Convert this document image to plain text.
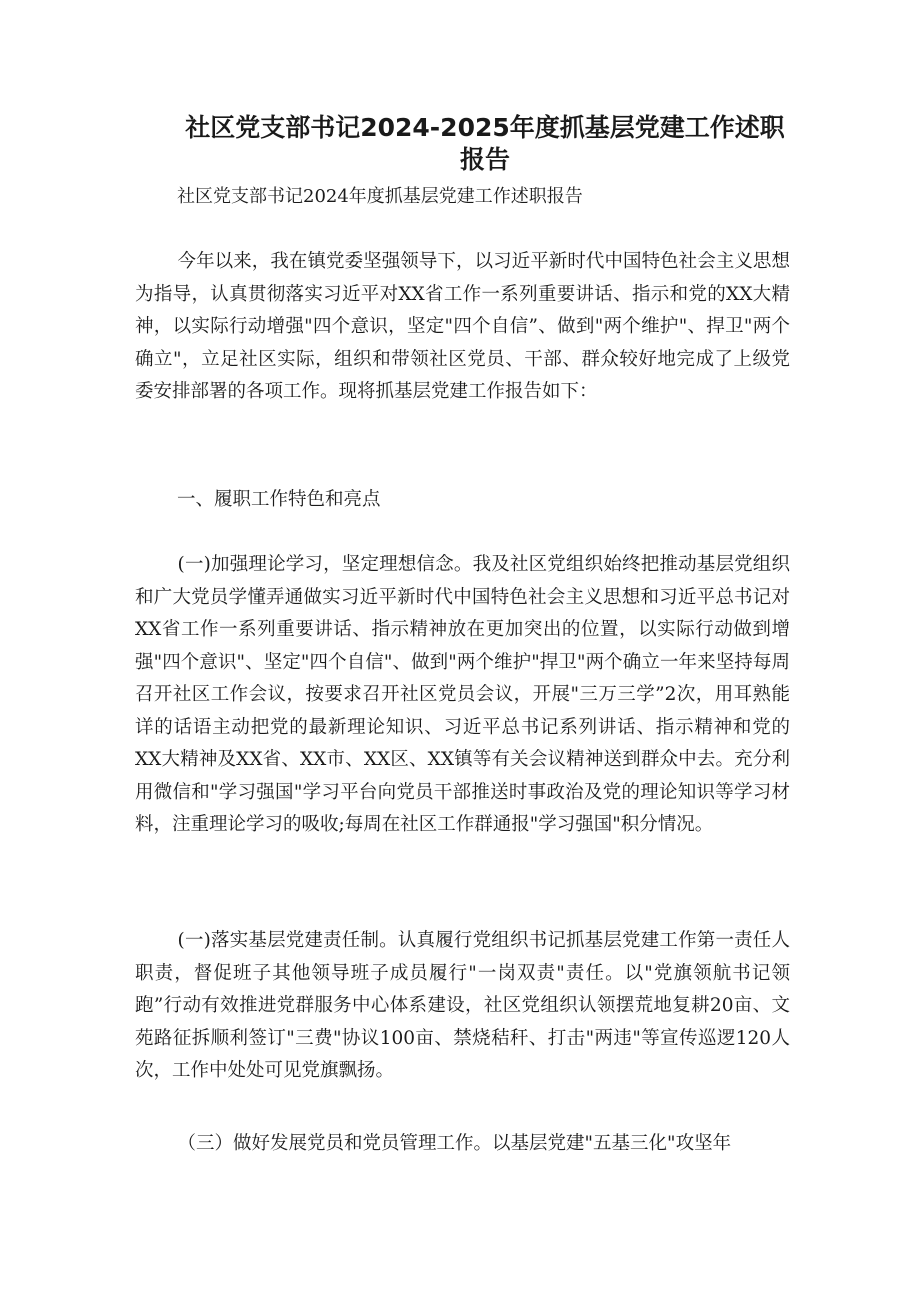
社区党支部书记2024-2025年度抓基层党建工作述职报告

社区党支部书记2024年度抓基层党建工作述职报告

今年以来，我在镇党委坚强领导下，以习近平新时代中国特色社会主义思想为指导，认真贯彻落实习近平对XX省工作一系列重要讲话、指示和党的XX大精神，以实际行动增强"四个意识，坚定"四个自信”、做到"两个维护"、捍卫"两个确立"，立足社区实际，组织和带领社区党员、干部、群众较好地完成了上级党委安排部署的各项工作。现将抓基层党建工作报告如下：

一、履职工作特色和亮点

(一)加强理论学习，坚定理想信念。我及社区党组织始终把推动基层党组织和广大党员学懂弄通做实习近平新时代中国特色社会主义思想和习近平总书记对XX省工作一系列重要讲话、指示精神放在更加突出的位置，以实际行动做到增强"四个意识"、坚定"四个自信"、做到"两个维护"捍卫"两个确立一年来坚持每周召开社区工作会议，按要求召开社区党员会议，开展"三万三学”2次，用耳熟能详的话语主动把党的最新理论知识、习近平总书记系列讲话、指示精神和党的XX大精神及XX省、XX市、XX区、XX镇等有关会议精神送到群众中去。充分利用微信和"学习强国"学习平台向党员干部推送时事政治及党的理论知识等学习材料，注重理论学习的吸收;每周在社区工作群通报"学习强国"积分情况。

(一)落实基层党建责任制。认真履行党组织书记抓基层党建工作第一责任人职责，督促班子其他领导班子成员履行"一岗双责"责任。以"党旗领航书记领跑”行动有效推进党群服务中心体系建设，社区党组织认领摆荒地复耕20亩、文苑路征拆顺利签订"三费"协议100亩、禁烧秸秆、打击"两违"等宣传巡逻120人次，工作中处处可见党旗飘扬。

（三）做好发展党员和党员管理工作。以基层党建"五基三化"攻坚年
